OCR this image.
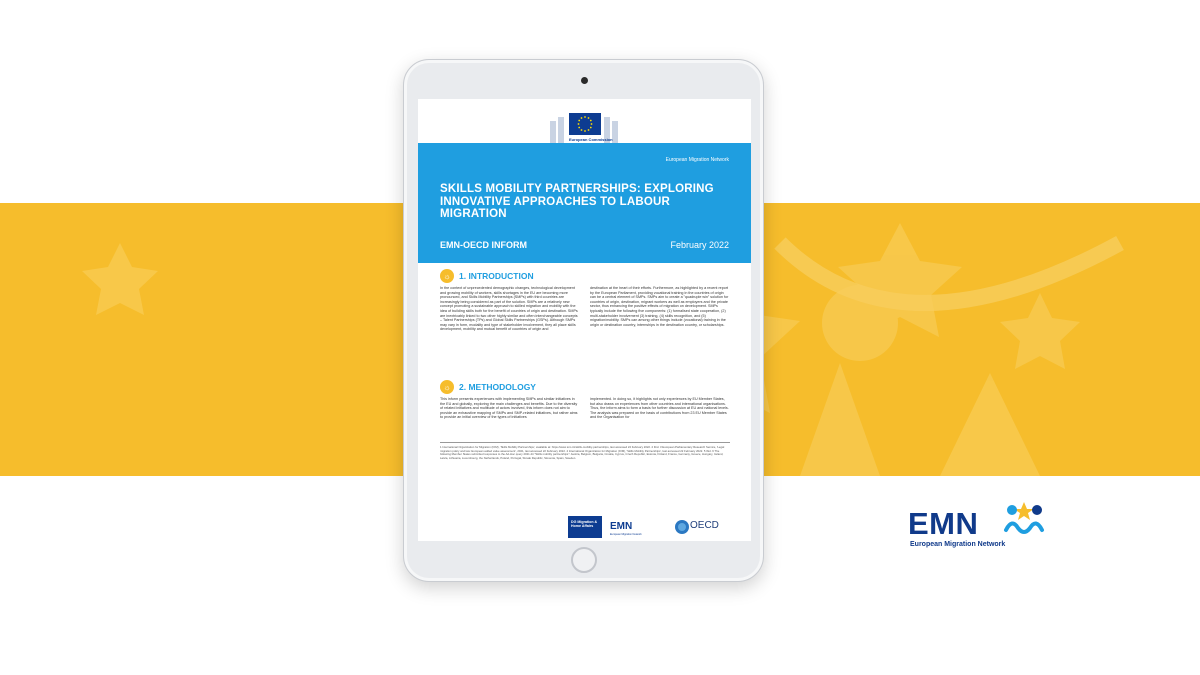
European Commission
European Migration Network
SKILLS MOBILITY PARTNERSHIPS: EXPLORING INNOVATIVE APPROACHES TO LABOUR MIGRATION
EMN-OECD INFORM	February 2022
☼ 1. INTRODUCTION
In the context of unprecedented demographic changes, technological development and growing mobility of workers, skills shortages in the EU are becoming more pronounced, and Skills Mobility Partnerships (SMPs) with third countries are increasingly being considered as part of the solution. SMPs are a relatively new concept promoting a sustainable approach to skilled migration and mobility with the idea of building skills both for the benefit of countries of origin and destination. SMPs are inextricably linked to two other highly similar and often interchangeable concepts – Talent Partnerships (TPs) and Global Skills Partnerships (GSPs). Although SMPs may vary in form, modality and type of stakeholder involvement, they all place skills development, mobility and mutual benefit of countries of origin and
destination at the heart of their efforts. Furthermore, as highlighted by a recent report by the European Parliament, providing vocational training in the countries of origin can be a central element of SMPs. SMPs aim to create a "quadruple win" solution for countries of origin, destination, migrant workers as well as employers and the private sector, thus enhancing the positive effects of migration on development. SMPs typically include the following five components: (1) formalised state cooperation, (2) multi-stakeholder involvement (3) training, (4) skills recognition, and (5) migration/mobility. SMPs can among other things include (vocational) training in the origin or destination country, internships in the destination country, or scholarships.
☼ 2. METHODOLOGY
This inform presents experiences with implementing SMPs and similar initiatives in the EU and globally, exploring the main challenges and benefits. Due to the diversity of related initiatives and multitude of actors involved, this inform does not aim to provide an exhaustive mapping of SMPs and SMP-related initiatives, but rather aims to provide an initial overview of the types of initiatives
implemented. In doing so, it highlights not only experiences by EU Member States, but also draws on experiences from other countries and international organisations. Thus, the inform aims to form a basis for further discussion at EU and national levels. The analysis was prepared on the basis of contributions from 23 EU Member States and the Organisation for
1 International Organization for Migration (IOM), 'Skills Mobility Partnerships', available at: https://www.iom.int/skills-mobility-partnerships, last accessed 22 February 2022. 2 Ibid. 3 European Parliamentary Research Service, 'Legal migration policy and law: European added value assessment', 2021, last accessed 22 February 2022. 4 International Organization for Migration (IOM), 'Skills Mobility Partnerships', last accessed 22 February 2022. 5 Ibid. 6 The following Member States submitted responses to the Ad-Hoc query 2021.44 "Skills mobility partnerships": Austria, Belgium, Bulgaria, Croatia, Cyprus, Czech Republic, Estonia, Finland, France, Germany, Greece, Hungary, Ireland, Latvia, Lithuania, Luxembourg, the Netherlands, Poland, Portugal, Slovak Republic, Slovenia, Spain, Sweden.
DG Migration & Home Affairs	EMN
European Migration Network
OECD	EMN
European Migration Network
